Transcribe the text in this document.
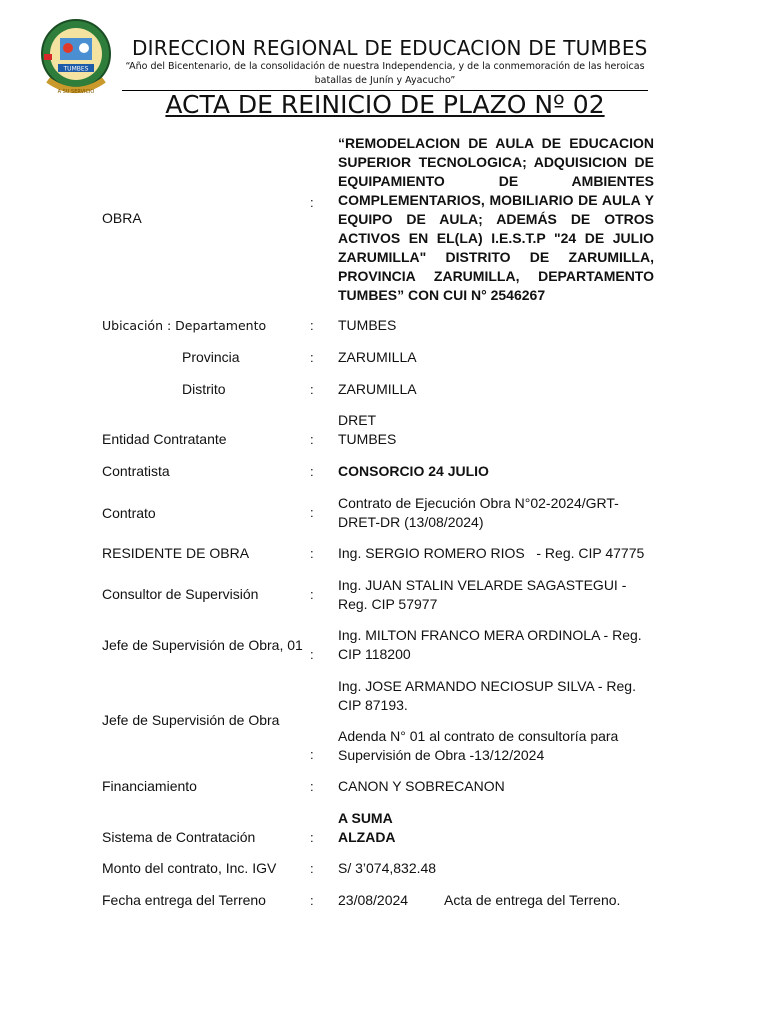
TUMBES
A SU SERVICIO
DIRECCION REGIONAL DE EDUCACION DE TUMBES
“Año del Bicentenario, de la consolidación de nuestra Independencia, y de la conmemoración de las heroicas batallas de Junín y Ayacucho”
ACTA DE REINICIO DE PLAZO Nº 02
OBRA
:
“REMODELACION DE AULA DE EDUCACION SUPERIOR TECNOLOGICA; ADQUISICION DE EQUIPAMIENTO DE AMBIENTES COMPLEMENTARIOS, MOBILIARIO DE AULA Y EQUIPO DE AULA; ADEMÁS DE OTROS ACTIVOS EN EL(LA) I.E.S.T.P "24 DE JULIO ZARUMILLA" DISTRITO DE ZARUMILLA, PROVINCIA ZARUMILLA, DEPARTAMENTO TUMBES” CON CUI N° 2546267
Ubicación : Departamento	: TUMBES
Provincia	: ZARUMILLA
Distrito	: ZARUMILLA
Entidad Contratante	:
DRET
TUMBES
Contratista	: CONSORCIO 24 JULIO
Contrato	:
Contrato de Ejecución Obra N°02-2024/GRT-DRET-DR (13/08/2024)
RESIDENTE DE OBRA	: Ing. SERGIO ROMERO RIOS   - Reg. CIP 47775
Consultor de Supervisión	:
Ing. JUAN STALIN VELARDE SAGASTEGUI - Reg. CIP 57977
Jefe de Supervisión de Obra, 01
:
Ing. MILTON FRANCO MERA ORDINOLA - Reg. CIP 118200
Jefe de Supervisión de Obra
:
Ing. JOSE ARMANDO NECIOSUP SILVA - Reg. CIP 87193.
Adenda N° 01 al contrato de consultoría para Supervisión de Obra -13/12/2024
Financiamiento	: CANON Y SOBRECANON
Sistema de Contratación	:
A SUMA
ALZADA
Monto del contrato, Inc. IGV	: S/ 3’074,832.48
Fecha entrega del Terreno	: 23/08/2024	Acta de entrega del Terreno.
